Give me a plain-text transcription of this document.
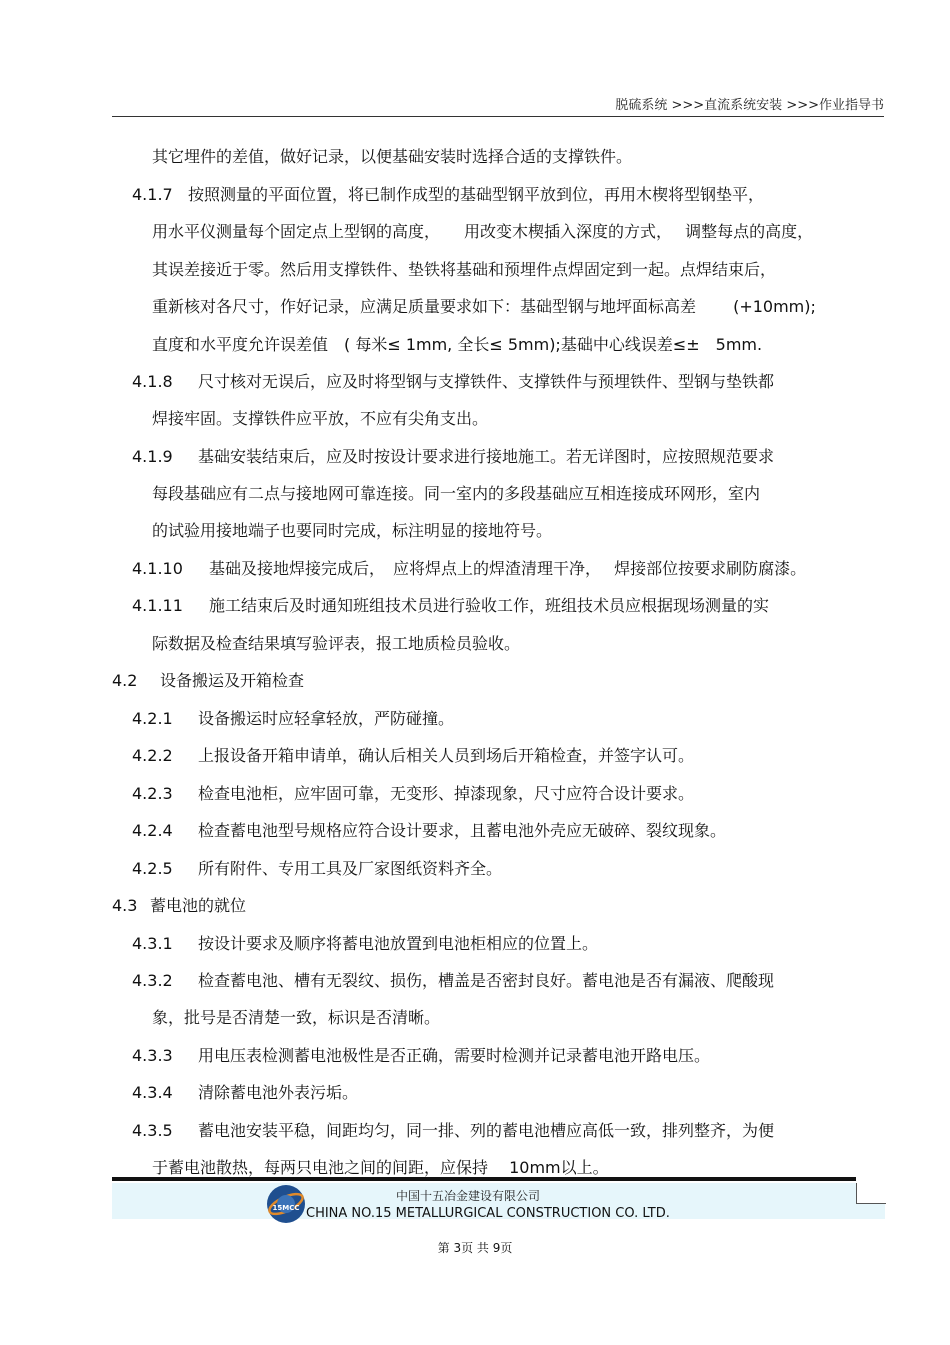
脱硫系统 >>>直流系统安装 >>>作业指导书
其它埋件的差值，做好记录，以便基础安装时选择合适的支撑铁件。
4.1.7 按照测量的平面位置，将已制作成型的基础型钢平放到位，再用木楔将型钢垫平，
用水平仪测量每个固定点上型钢的高度，　　用改变木楔插入深度的方式，　 调整每点的高度，
其误差接近于零。然后用支撑铁件、垫铁将基础和预埋件点焊固定到一起。点焊结束后，
重新核对各尺寸，作好记录，应满足质量要求如下：基础型钢与地坪面标高差　　 (+10mm);
直度和水平度允许误差值　( 每米≤ 1mm, 全长≤ 5mm);基础中心线误差≤±　5mm.
4.1.8 尺寸核对无误后，应及时将型钢与支撑铁件、支撑铁件与预埋铁件、型钢与垫铁都
焊接牢固。支撑铁件应平放，不应有尖角支出。
4.1.9 基础安装结束后，应及时按设计要求进行接地施工。若无详图时，应按照规范要求
每段基础应有二点与接地网可靠连接。同一室内的多段基础应互相连接成环网形，室内
的试验用接地端子也要同时完成，标注明显的接地符号。
4.1.10 基础及接地焊接完成后，　应将焊点上的焊渣清理干净，　 焊接部位按要求刷防腐漆。
4.1.11 施工结束后及时通知班组技术员进行验收工作，班组技术员应根据现场测量的实
际数据及检查结果填写验评表，报工地质检员验收。
4.2 设备搬运及开箱检查
4.2.1 设备搬运时应轻拿轻放，严防碰撞。
4.2.2 上报设备开箱申请单，确认后相关人员到场后开箱检查，并签字认可。
4.2.3 检查电池柜，应牢固可靠，无变形、掉漆现象，尺寸应符合设计要求。
4.2.4 检查蓄电池型号规格应符合设计要求，且蓄电池外壳应无破碎、裂纹现象。
4.2.5 所有附件、专用工具及厂家图纸资料齐全。
4.3 蓄电池的就位
4.3.1 按设计要求及顺序将蓄电池放置到电池柜相应的位置上。
4.3.2 检查蓄电池、槽有无裂纹、损伤，槽盖是否密封良好。蓄电池是否有漏液、爬酸现
象，批号是否清楚一致，标识是否清晰。
4.3.3 用电压表检测蓄电池极性是否正确，需要时检测并记录蓄电池开路电压。
4.3.4 清除蓄电池外表污垢。
4.3.5 蓄电池安装平稳，间距均匀，同一排、列的蓄电池槽应高低一致，排列整齐，为便
于蓄电池散热，每两只电池之间的间距，应保持　 10mm以上。
15MCC
中国十五冶金建设有限公司
CHINA NO.15 METALLURGICAL CONSTRUCTION CO. LTD.
第 3页 共 9页
